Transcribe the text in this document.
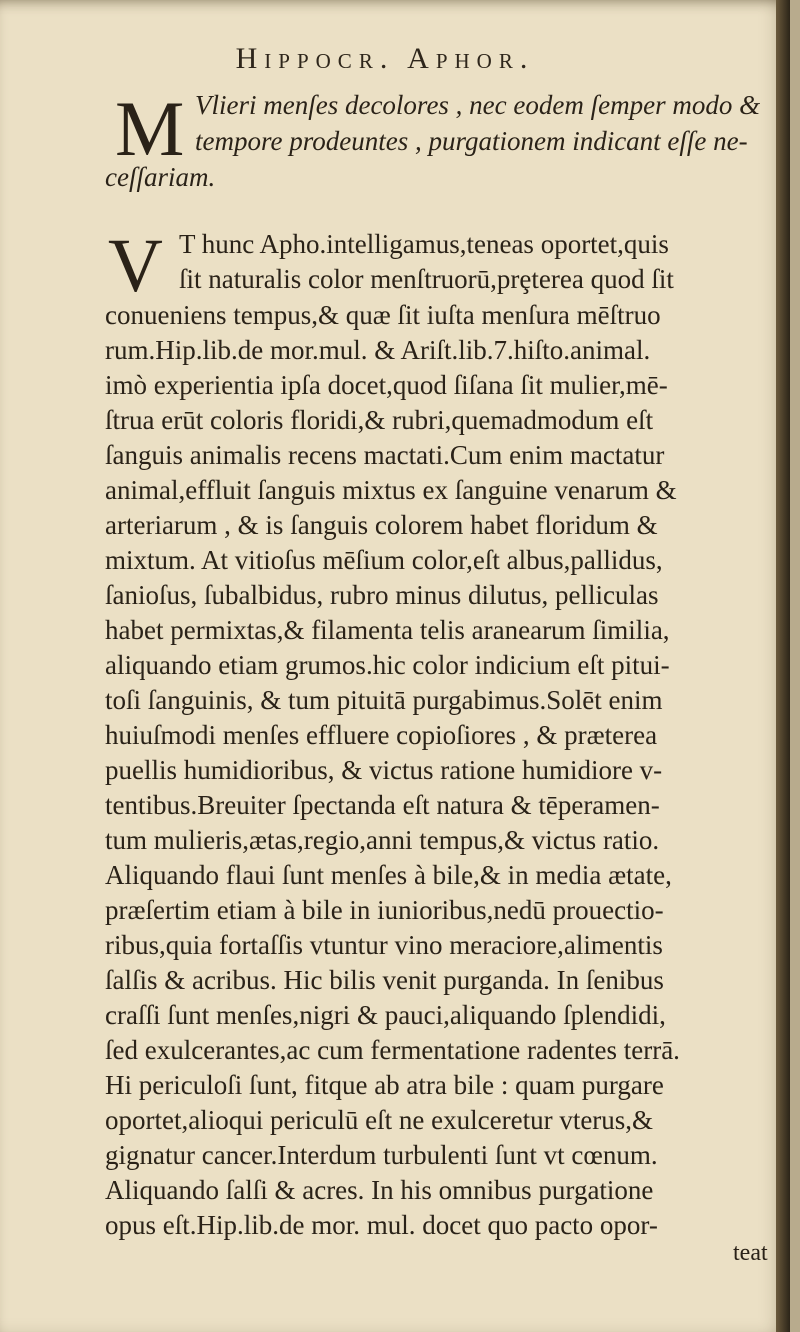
Hippocr. Aphor.
M Vlieri menſes decolores , nec eodem ſemper modo &
tempore prodeuntes , purgationem indicant eſſe ne-
ceſſariam.
V T hunc Apho.intelligamus,teneas oportet,quis
ſit naturalis color menſtruorū,prȩterea quod ſit
conueniens tempus,& quæ ſit iuſta menſura mēſtruo
rum.Hip.lib.de mor.mul. & Ariſt.lib.7.hiſto.animal.
imò experientia ipſa docet,quod ſiſana ſit mulier,mē-
ſtrua erūt coloris floridi,& rubri,quemadmodum eſt
ſanguis animalis recens mactati.Cum enim mactatur
animal,effluit ſanguis mixtus ex ſanguine venarum &
arteriarum , & is ſanguis colorem habet floridum &
mixtum. At vitioſus mēſium color,eſt albus,pallidus,
ſanioſus, ſubalbidus, rubro minus dilutus, pelliculas
habet permixtas,& filamenta telis aranearum ſimilia,
aliquando etiam grumos.hic color indicium eſt pitui-
toſi ſanguinis, & tum pituitā purgabimus.Solēt enim
huiuſmodi menſes effluere copioſiores , & præterea
puellis humidioribus, & victus ratione humidiore v-
tentibus.Breuiter ſpectanda eſt natura & tēperamen-
tum mulieris,ætas,regio,anni tempus,& victus ratio.
Aliquando flaui ſunt menſes à bile,& in media ætate,
præſertim etiam à bile in iunioribus,nedū prouectio-
ribus,quia fortaſſis vtuntur vino meraciore,alimentis
ſalſis & acribus. Hic bilis venit purganda. In ſenibus
craſſi ſunt menſes,nigri & pauci,aliquando ſplendidi,
ſed exulcerantes,ac cum fermentatione radentes terrā.
Hi periculoſi ſunt, fitque ab atra bile : quam purgare
oportet,alioqui periculū eſt ne exulceretur vterus,&
gignatur cancer.Interdum turbulenti ſunt vt cœnum.
Aliquando ſalſi & acres. In his omnibus purgatione
opus eſt.Hip.lib.de mor. mul. docet quo pacto opor-
teat
